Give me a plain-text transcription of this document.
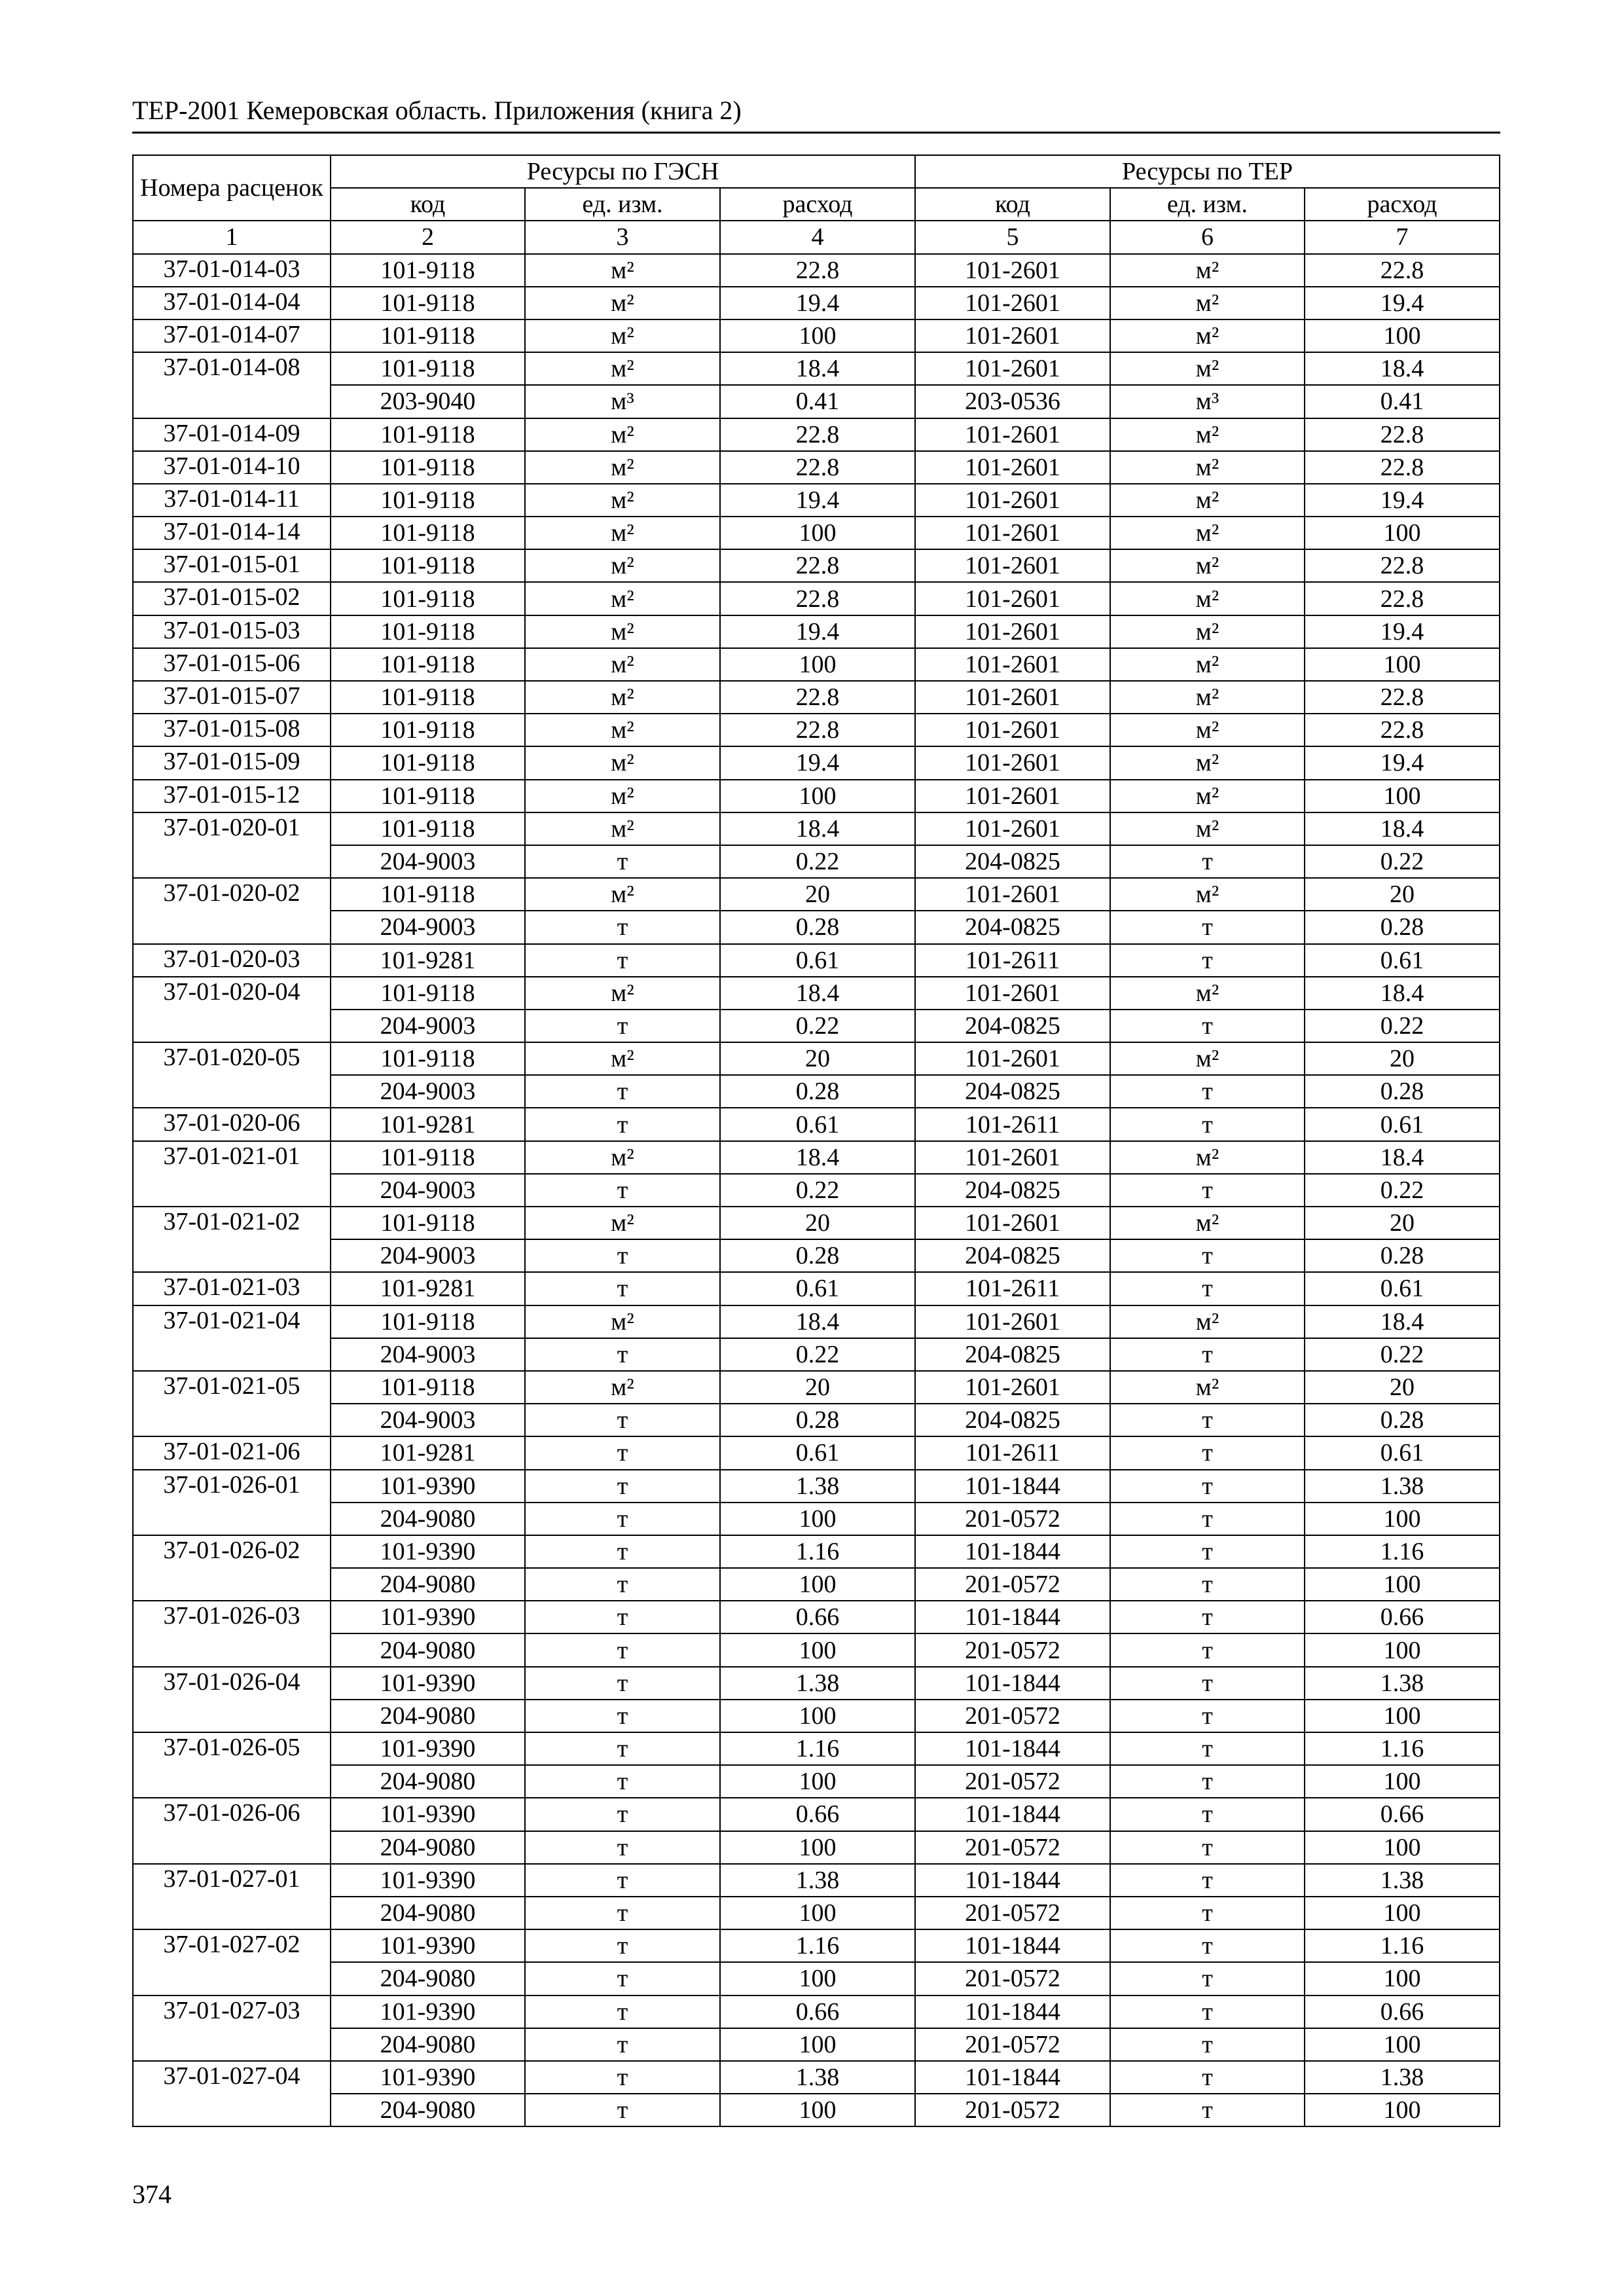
ТЕР-2001 Кемеровская область. Приложения (книга 2)
Номера расценок	Ресурсы по ГЭСН			Ресурсы по ТЕР		
	код	ед. изм.	расход	код	ед. изм.	расход
1	2	3	4	5	6	7
37-01-014-03	101-9118	м²	22.8	101-2601	м²	22.8
37-01-014-04	101-9118	м²	19.4	101-2601	м²	19.4
37-01-014-07	101-9118	м²	100	101-2601	м²	100
37-01-014-08	101-9118	м²	18.4	101-2601	м²	18.4
	203-9040	м³	0.41	203-0536	м³	0.41
37-01-014-09	101-9118	м²	22.8	101-2601	м²	22.8
37-01-014-10	101-9118	м²	22.8	101-2601	м²	22.8
37-01-014-11	101-9118	м²	19.4	101-2601	м²	19.4
37-01-014-14	101-9118	м²	100	101-2601	м²	100
37-01-015-01	101-9118	м²	22.8	101-2601	м²	22.8
37-01-015-02	101-9118	м²	22.8	101-2601	м²	22.8
37-01-015-03	101-9118	м²	19.4	101-2601	м²	19.4
37-01-015-06	101-9118	м²	100	101-2601	м²	100
37-01-015-07	101-9118	м²	22.8	101-2601	м²	22.8
37-01-015-08	101-9118	м²	22.8	101-2601	м²	22.8
37-01-015-09	101-9118	м²	19.4	101-2601	м²	19.4
37-01-015-12	101-9118	м²	100	101-2601	м²	100
37-01-020-01	101-9118	м²	18.4	101-2601	м²	18.4
	204-9003	т	0.22	204-0825	т	0.22
37-01-020-02	101-9118	м²	20	101-2601	м²	20
	204-9003	т	0.28	204-0825	т	0.28
37-01-020-03	101-9281	т	0.61	101-2611	т	0.61
37-01-020-04	101-9118	м²	18.4	101-2601	м²	18.4
	204-9003	т	0.22	204-0825	т	0.22
37-01-020-05	101-9118	м²	20	101-2601	м²	20
	204-9003	т	0.28	204-0825	т	0.28
37-01-020-06	101-9281	т	0.61	101-2611	т	0.61
37-01-021-01	101-9118	м²	18.4	101-2601	м²	18.4
	204-9003	т	0.22	204-0825	т	0.22
37-01-021-02	101-9118	м²	20	101-2601	м²	20
	204-9003	т	0.28	204-0825	т	0.28
37-01-021-03	101-9281	т	0.61	101-2611	т	0.61
37-01-021-04	101-9118	м²	18.4	101-2601	м²	18.4
	204-9003	т	0.22	204-0825	т	0.22
37-01-021-05	101-9118	м²	20	101-2601	м²	20
	204-9003	т	0.28	204-0825	т	0.28
37-01-021-06	101-9281	т	0.61	101-2611	т	0.61
37-01-026-01	101-9390	т	1.38	101-1844	т	1.38
	204-9080	т	100	201-0572	т	100
37-01-026-02	101-9390	т	1.16	101-1844	т	1.16
	204-9080	т	100	201-0572	т	100
37-01-026-03	101-9390	т	0.66	101-1844	т	0.66
	204-9080	т	100	201-0572	т	100
37-01-026-04	101-9390	т	1.38	101-1844	т	1.38
	204-9080	т	100	201-0572	т	100
37-01-026-05	101-9390	т	1.16	101-1844	т	1.16
	204-9080	т	100	201-0572	т	100
37-01-026-06	101-9390	т	0.66	101-1844	т	0.66
	204-9080	т	100	201-0572	т	100
37-01-027-01	101-9390	т	1.38	101-1844	т	1.38
	204-9080	т	100	201-0572	т	100
37-01-027-02	101-9390	т	1.16	101-1844	т	1.16
	204-9080	т	100	201-0572	т	100
37-01-027-03	101-9390	т	0.66	101-1844	т	0.66
	204-9080	т	100	201-0572	т	100
37-01-027-04	101-9390	т	1.38	101-1844	т	1.38
	204-9080	т	100	201-0572	т	100
374
